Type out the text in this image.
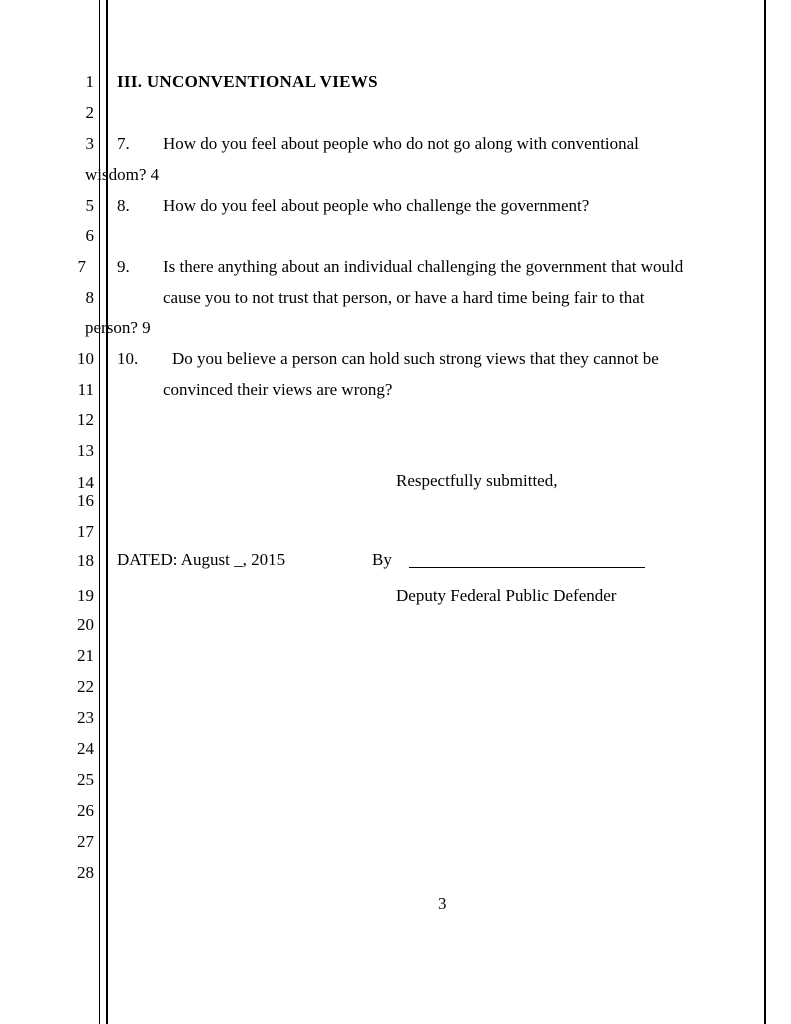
1
2
3
5
6
7
8
10
11
12
13
14
16
17
18
19
20
21
22
23
24
25
26
27
28
III. UNCONVENTIONAL VIEWS
7. How do you feel about people who do not go along with conventional
wisdom? 4
8. How do you feel about people who challenge the government?
9. Is there anything about an individual challenging the government that would
cause you to not trust that person, or have a hard time being fair to that
person? 9
10. Do you believe a person can hold such strong views that they cannot be
convinced their views are wrong?
Respectfully submitted,
DATED: August _, 2015	By
Deputy Federal Public Defender
3
